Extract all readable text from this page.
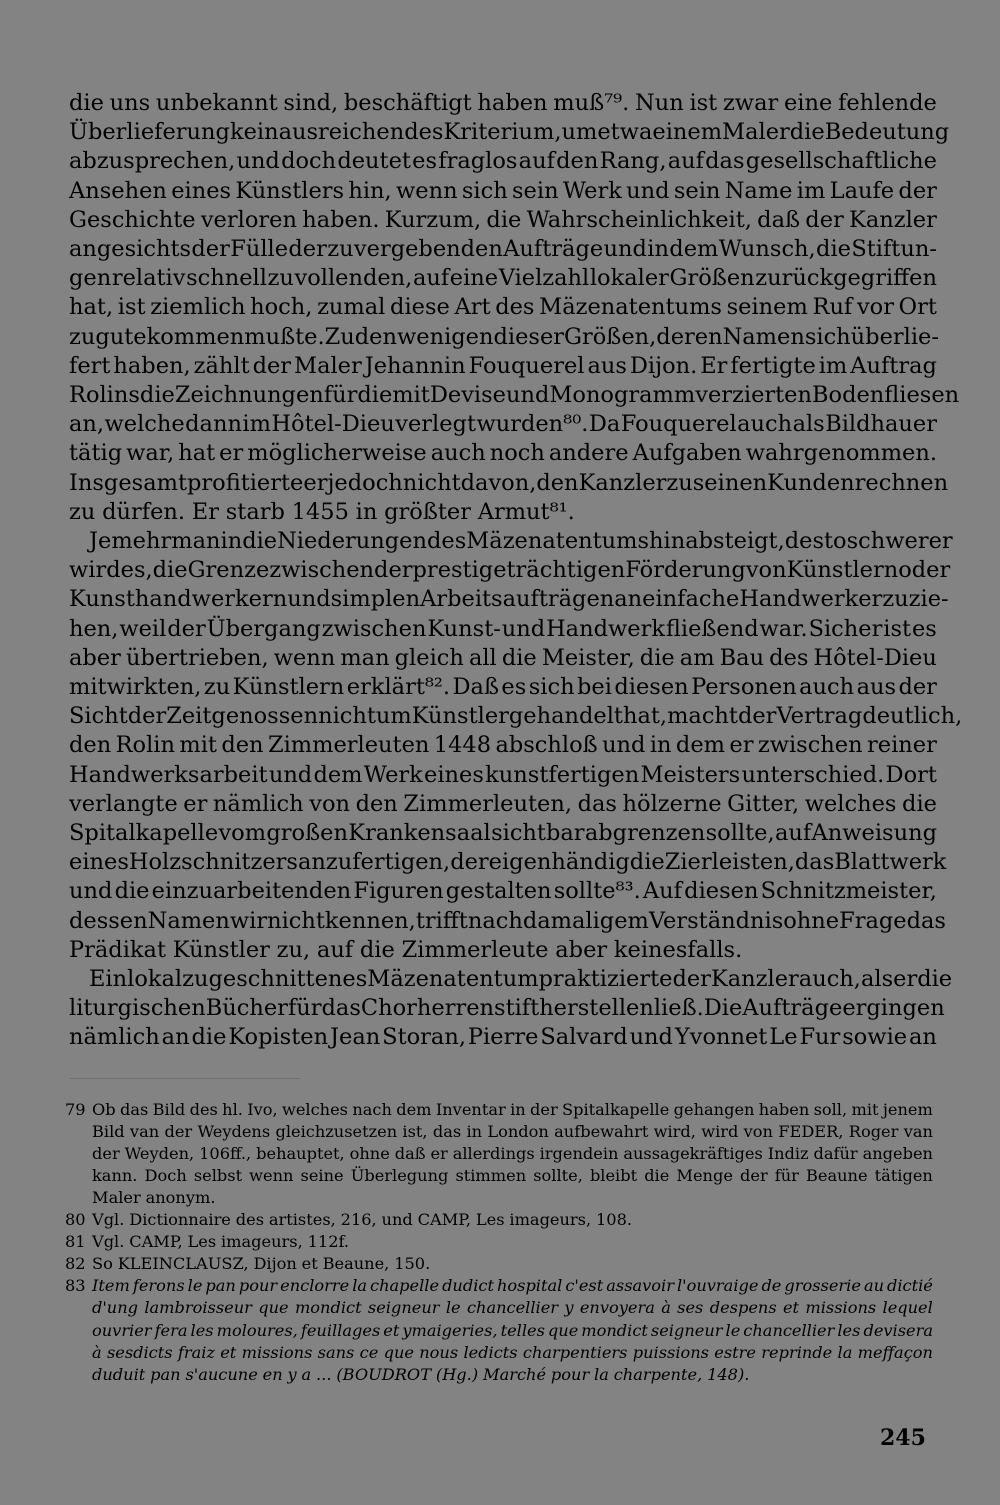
die uns unbekannt sind, beschäftigt haben muß⁷⁹. Nun ist zwar eine fehlende
Überlieferung kein ausreichendes Kriterium, um etwa einem Maler die Bedeutung
abzusprechen, und doch deutet es fraglos auf den Rang, auf das gesellschaftliche
Ansehen eines Künstlers hin, wenn sich sein Werk und sein Name im Laufe der
Geschichte verloren haben. Kurzum, die Wahrscheinlichkeit, daß der Kanzler
angesichts der Fülle der zu vergebenden Aufträge und in dem Wunsch, die Stiftun-
gen relativ schnell zu vollenden, auf eine Vielzahl lokaler Größen zurückgegriffen
hat, ist ziemlich hoch, zumal diese Art des Mäzenatentums seinem Ruf vor Ort
zugute kommen mußte. Zu den wenigen dieser Größen, deren Namen sich überlie-
fert haben, zählt der Maler Jehannin Fouquerel aus Dijon. Er fertigte im Auftrag
Rolins die Zeichnungen für die mit Devise und Monogramm verzierten Bodenfliesen
an, welche dann im Hôtel-Dieu verlegt wurden⁸⁰. Da Fouquerel auch als Bildhauer
tätig war, hat er möglicherweise auch noch andere Aufgaben wahrgenommen.
Insgesamt profitierte er jedoch nicht davon, den Kanzler zu seinen Kunden rechnen
zu dürfen. Er starb 1455 in größter Armut⁸¹.
Je mehr man in die Niederungen des Mäzenatentums hinabsteigt, desto schwerer
wird es, die Grenze zwischen der prestigeträchtigen Förderung von Künstlern oder
Kunsthandwerkern und simplen Arbeitsaufträgen an einfache Handwerker zu zie-
hen, weil der Übergang zwischen Kunst- und Handwerk fließend war. Sicher ist es
aber übertrieben, wenn man gleich all die Meister, die am Bau des Hôtel-Dieu
mitwirkten, zu Künstlern erklärt⁸². Daß es sich bei diesen Personen auch aus der
Sicht der Zeitgenossen nicht um Künstler gehandelt hat, macht der Vertrag deutlich,
den Rolin mit den Zimmerleuten 1448 abschloß und in dem er zwischen reiner
Handwerksarbeit und dem Werk eines kunstfertigen Meisters unterschied. Dort
verlangte er nämlich von den Zimmerleuten, das hölzerne Gitter, welches die
Spitalkapelle vom großen Krankensaal sichtbar abgrenzen sollte, auf Anweisung
eines Holzschnitzers anzufertigen, der eigenhändig die Zierleisten, das Blattwerk
und die einzuarbeitenden Figuren gestalten sollte⁸³. Auf diesen Schnitzmeister,
dessen Namen wir nicht kennen, trifft nach damaligem Verständnis ohne Frage das
Prädikat Künstler zu, auf die Zimmerleute aber keinesfalls.
Ein lokal zugeschnittenes Mäzenatentum praktizierte der Kanzler auch, als er die
liturgischen Bücher für das Chorherrenstift herstellen ließ. Die Aufträge ergingen
nämlich an die Kopisten Jean Storan, Pierre Salvard und Yvonnet Le Fur sowie an
79 Ob das Bild des hl. Ivo, welches nach dem Inventar in der Spitalkapelle gehangen haben soll, mit jenem
Bild van der Weydens gleichzusetzen ist, das in London aufbewahrt wird, wird von FEDER, Roger van
der Weyden, 106ff., behauptet, ohne daß er allerdings irgendein aussagekräftiges Indiz dafür angeben
kann. Doch selbst wenn seine Überlegung stimmen sollte, bleibt die Menge der für Beaune tätigen
Maler anonym.
80 Vgl. Dictionnaire des artistes, 216, und CAMP, Les imageurs, 108.
81 Vgl. CAMP, Les imageurs, 112f.
82 So KLEINCLAUSZ, Dijon et Beaune, 150.
83 Item ferons le pan pour enclorre la chapelle dudict hospital c'est assavoir l'ouvraige de grosserie au dictié
d'ung lambroisseur que mondict seigneur le chancellier y envoyera à ses despens et missions lequel
ouvrier fera les moloures, feuillages et ymaigeries, telles que mondict seigneur le chancellier les devisera
à sesdicts fraiz et missions sans ce que nous ledicts charpentiers puissions estre reprinde la meffaçon
duduit pan s'aucune en y a ... (BOUDROT (Hg.) Marché pour la charpente, 148).
245
